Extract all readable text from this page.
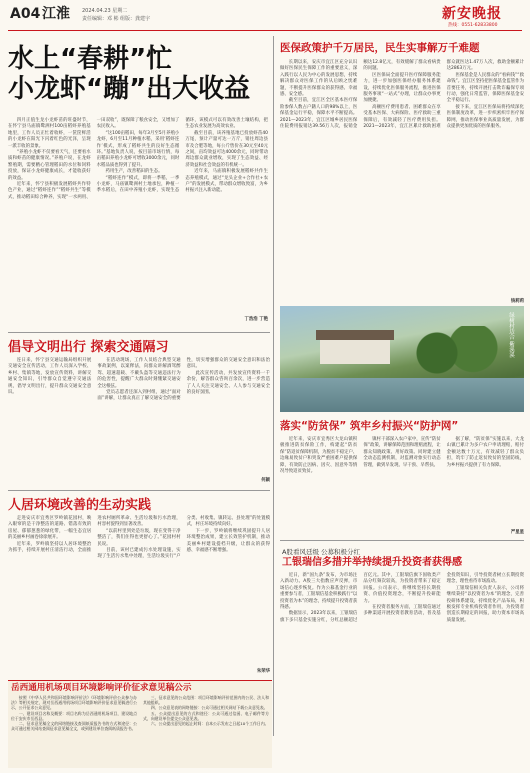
A04 江淮 2024.04.23 星期二
责任编辑：邓 彬 组版：龚建宇	新安晚报
热线：0551-62833800
水上“春耕”忙
小龙虾“蹦”出大收益

四月正值生龙小龙虾苗的旺盛时节，在怀宁县马庙镇鹭洲村100亩稻虾养殖基地里，工作人员正忙着收虾，一筐筐鲜活的小龙虾在阳光下闪着红色的光泽，呈现一派丰收的景象。

“养殖小龙虾不仅要看天气，还要看水质和虾苗的健康情况。”养殖户说，在龙虾繁殖期，需要精心管理稻田的水位和饲料投放，保证小龙虾健康成长，才能收获好的效益。

近年来，怀宁县积极发展稻虾共作特色产业，通过“稻虾连作”“稻虾共生”等模式，推动稻田综合种养，实现“一水两用、一田双收”，既保障了粮食安全，又增加了农民收入。

“这100亩稻田，每年3月至5月养殖小龙虾，6月至11月种植水稻，采用‘稻虾连作’模式，形成了稻虾共生的良好生态循环。”基地负责人说，按目前市场行情，每亩稻田养殖小龙虾可增收3000余元，同时水稻品质也得到了提升。

药用生产，改善稻田的生态。

“稻虾连作”模式，即将一季稻，一季小龙虾，马庙镇鹭洲村土地承包，种植一季水稻后，在田中养殖小龙虾，实现生态循环，该模式可以有效改善土壤结构，把生态农业发展为高效农业。

截至目前，该养殖基地已投放虾苗40万尾，预计产量可达一万斤，销往周边县市及合肥等地，每公斤售价在30元至40元之间，亩均效益可达4000余元，同时带动周边群众就业增收，实现了生态效益、经济效益和社会效益的有机统一。

近年来，马庙镇积极发展稻虾共作生态养殖模式，通过“龙头企业+合作社+农户”的发展模式，带动群众增收致富，为乡村振兴注入新动能。

丁浩浩 丁艳
医保政策护千万居民，民生实事解万千难题

长期以来，安庆市宜江区充分认识做好医保民生保障工作的重要意义，深入践行以人民为中心的发展思想，持续解决群众对医保工作的从后顾之忧难题，不断提升医保群众的获得感、幸福感、安全感。

截至目前，宜江区全区基本医疗保险参保人数占户籍人口的98%以上，医保基金运行平稳，保障水平不断提高。2021—2023年，宜江区城乡居民医保住院费用报销达39.56万人次，报销金额达12.8亿元，有效缓解了群众看病贵的问题。

区医保局全面提升医疗保障服务能力，进一步加强医保经办服务体系建设，持续优化医保服务流程，推进医保服务事项“一站式”办理，让群众办事更加便捷。

高额医疗费用患者、困难群众在享受基本医保、大病保险、医疗救助三重保障后，有效减轻了医疗费用负担。2021—2023年，宜江区累计救助困难群众就医达1.47万人次，救助金额累计达2863万元。

医保基金是人民群众的“看病钱”“救命钱”。宜江区坚持把医保基金监管作为首要任务，持续开展打击欺诈骗保专项行动，强化日常监管，保障医保基金安全平稳运行。

接下来，宜江区医保局将持续深化医保制度改革，进一步织密织牢医疗保障网，推动医保事业高质量发展，为群众提供更加优质的医保服务。

钱莉莉
绿树村边合 紫溪溪
倡导文明出行 探索交通隔习

连日来，怀宁县交通运输局组织开展交通安全宣传活动，工作人员深入学校、乡村、集镇等地，发放宣传资料，讲解交通安全知识，引导群众自觉遵守交通法规，倡导文明出行，提升群众交通安全意识。

在活动现场，工作人员结合典型交通事故案例，以案释法，向群众讲解酒驾醉驾、超速超载、不戴头盔等交通违法行为的危害性，提醒广大群众时刻绷紧交通安全这根弦。

党员志愿者还深入到村组，通过“面对面”讲解，让群众真正了解交通安全的重要性，切实增强群众的交通安全意识和法治意识。

此次宣传活动，共发放宣传资料一千余份，解答群众咨询百余次，进一步营造了人人关注交通安全、人人参与交通安全的良好氛围。

何颖
落实“防贫保” 筑牢乡村振兴“防护网”

近年来，安庆市宜秀区大龙山镇积极推进防贫保险工作，构建起“防贫保”防返贫保障机制，为脱贫不稳定户、边缘易致贫户和突发严重困难户提供保障，有效防止因病、因灾、因意外等情况导致返贫致贫。

镇村干部深入农户家中，宣传“防贫保”政策，讲解保障范围和理赔流程，让群众知晓政策、用好政策。同时建立健全动态监测机制，对监测对象实行动态管理，做到早发现、早干预、早帮扶。

据了解，“防贫保”实施以来，大龙山镇已累计为多户农户申请理赔，赔付金额达数十万元，有效减轻了群众负担，筑牢了防止返贫致贫的坚固防线，为乡村振兴提供了有力保障。

严星星
人居环境改善的生动实践

走进安庆市宜秀区罗岭镇花园村，映入眼帘的是干净整洁的道路、错落有致的房屋、郁郁葱葱的绿化带，一幅生态宜居的美丽乡村画卷徐徐展开。

近年来，罗岭镇坚持以人居环境整治为抓手，持续开展村庄清洁行动，全面推进农村厕所革命、生活垃圾和污水治理，村容村貌得到显著改善。

“以前村里到处是垃圾，现在变得干净整洁了，我们住得也更舒心了。”花园村村民说。

目前，该村已建成污水处理设施，实现了生活污水集中处理，生活垃圾实行“户分类、村收集、镇转运、县处理”的处置模式，村庄环境持续向好。

下一步，罗岭镇将继续巩固提升人居环境整治成果，建立长效管护机制，推动美丽乡村建设提档升级，让群众的获得感、幸福感不断增强。

朱荣华
A股看风廷级 公募积极分红
工银瑞信多措并举持续提升投资者获得感

近日，新“国九条”发布，为市场注入新动力。A股三大指数应声反弹，市场信心逐步恢复。作为公募基金行业的重要参与者，工银瑞信基金积极践行“以投资者为本”的理念，持续提升投资者获得感。

数据显示，2023年以来，工银瑞信旗下多只基金实施分红，分红总额超过百亿元。其中，工银瑞信旗下固收类产品分红频次较高，为投资者带来了稳定回报。公司表示，将继续坚持长期投资、价值投资理念，不断提升投研能力。

在投资者服务方面，工银瑞信通过多种渠道开展投资者教育活动，普及基金投资知识，引导投资者树立长期投资理念，理性看待市场波动。

工银瑞信相关负责人表示，公司将继续秉持“以投资者为本”的理念，完善投研体系建设，持续优化产品布局，积极发挥专业机构投资者作用，为投资者创造长期稳定的回报，助力资本市场高质量发展。

岳西通用机场项目环境影响评价征求意见稿公示

按照《中华人民共和国环境影响评价法》《环境影响评价公众参与办法》等相关规定，现对岳西通用机场项目环境影响评价征求意见稿进行公示，公开征求公众意见。

一、建设项目名称及概要：项目名称为岳西通用机场项目，建设地点位于安庆市岳西县。

二、征求意见稿全文的网络链接及查阅纸质报告书的方式和途径：公众可通过相关网站查阅征求意见稿全文，或到建设单位查阅纸质报告书。

三、征求意见的公众范围：项目环境影响评价范围内的公民、法人和其他组织。

四、公众意见表的网络链接：公众可通过相关网站下载公众意见表。

五、公众提出意见的方式和途径：公众可通过信函、电子邮件等方式，向建设单位提交公众意见表。

六、公众提出意见的起止时间：自本公示发布之日起10个工作日内。
